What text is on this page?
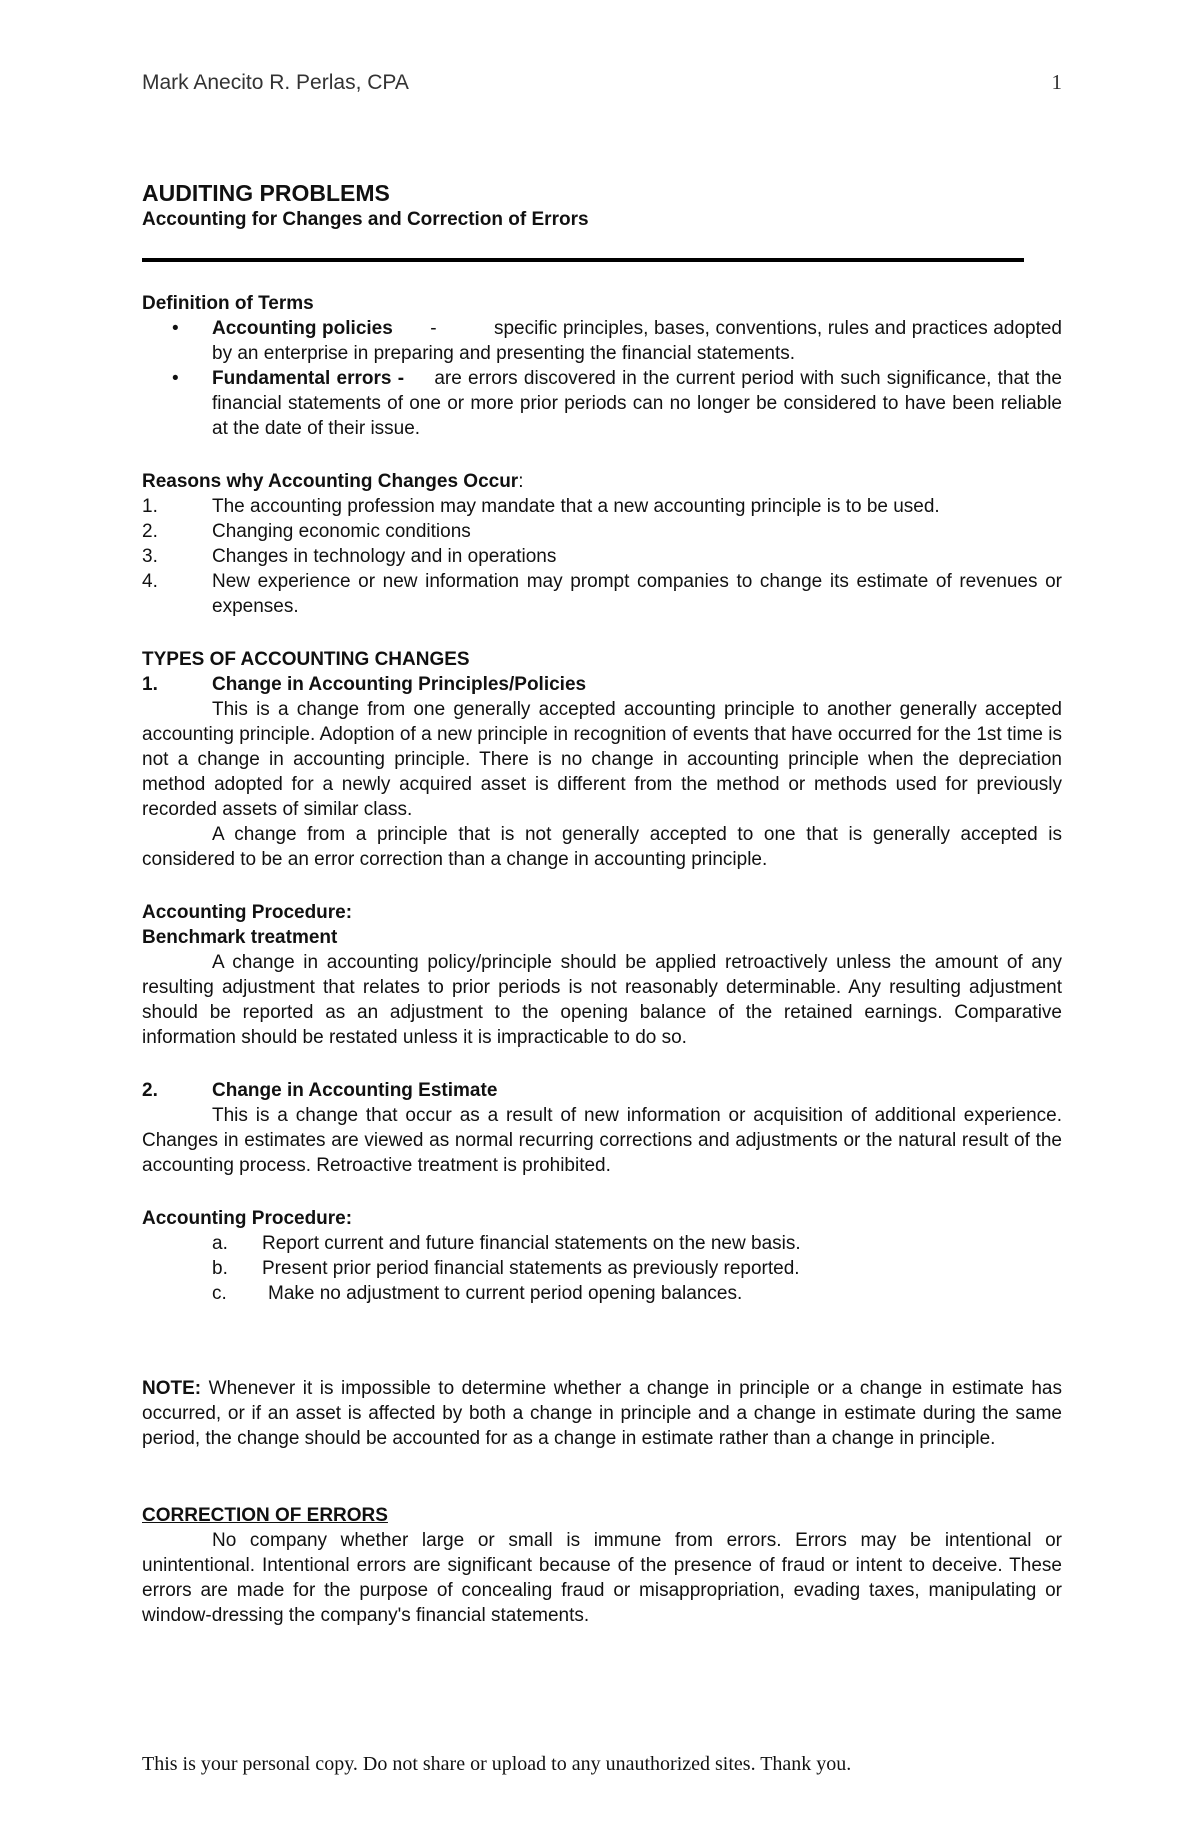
Mark Anecito R. Perlas, CPA	1
AUDITING PROBLEMS
Accounting for Changes and Correction of Errors
Definition of Terms
• Accounting policies -	specific principles, bases, conventions, rules and practices adopted by an enterprise in preparing and presenting the financial statements.
• Fundamental errors - are errors discovered in the current period with such significance, that the financial statements of one or more prior periods can no longer be considered to have been reliable at the date of their issue.
Reasons why Accounting Changes Occur:
1.	The accounting profession may mandate that a new accounting principle is to be used.
2.	Changing economic conditions
3.	Changes in technology and in operations
4.	New experience or new information may prompt companies to change its estimate of revenues or expenses.
TYPES OF ACCOUNTING CHANGES
1.	Change in Accounting Principles/Policies
This is a change from one generally accepted accounting principle to another generally accepted accounting principle. Adoption of a new principle in recognition of events that have occurred for the 1st time is not a change in accounting principle. There is no change in accounting principle when the depreciation method adopted for a newly acquired asset is different from the method or methods used for previously recorded assets of similar class.
A change from a principle that is not generally accepted to one that is generally accepted is considered to be an error correction than a change in accounting principle.
Accounting Procedure:
Benchmark treatment
A change in accounting policy/principle should be applied retroactively unless the amount of any resulting adjustment that relates to prior periods is not reasonably determinable. Any resulting adjustment should be reported as an adjustment to the opening balance of the retained earnings. Comparative information should be restated unless it is impracticable to do so.
2.	Change in Accounting Estimate
This is a change that occur as a result of new information or acquisition of additional experience. Changes in estimates are viewed as normal recurring corrections and adjustments or the natural result of the accounting process. Retroactive treatment is prohibited.
Accounting Procedure:
a. Report current and future financial statements on the new basis.
b. Present prior period financial statements as previously reported.
c. Make no adjustment to current period opening balances.
NOTE: Whenever it is impossible to determine whether a change in principle or a change in estimate has occurred, or if an asset is affected by both a change in principle and a change in estimate during the same period, the change should be accounted for as a change in estimate rather than a change in principle.
CORRECTION OF ERRORS
No company whether large or small is immune from errors. Errors may be intentional or unintentional. Intentional errors are significant because of the presence of fraud or intent to deceive. These errors are made for the purpose of concealing fraud or misappropriation, evading taxes, manipulating or window-dressing the company's financial statements.
This is your personal copy. Do not share or upload to any unauthorized sites. Thank you.
